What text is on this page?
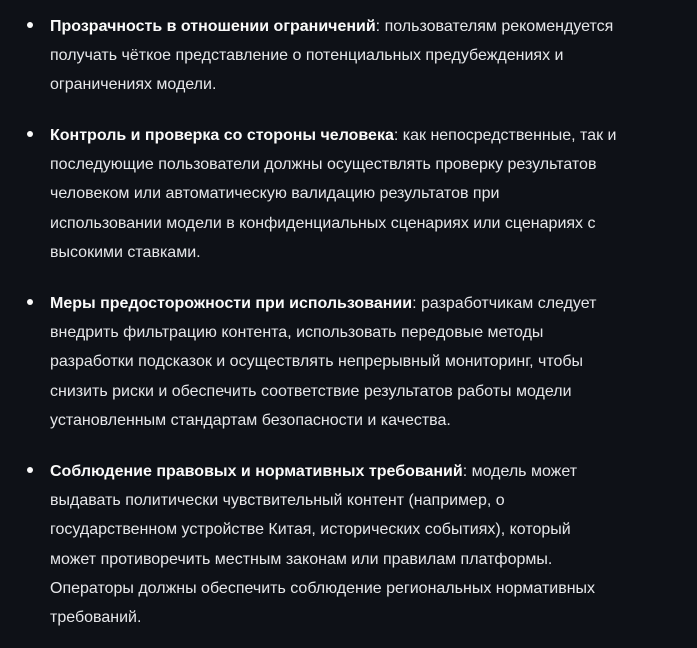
Прозрачность в отношении ограничений: пользователям рекомендуется
получать чёткое представление о потенциальных предубеждениях и
ограничениях модели.
Контроль и проверка со стороны человека: как непосредственные, так и
последующие пользователи должны осуществлять проверку результатов
человеком или автоматическую валидацию результатов при
использовании модели в конфиденциальных сценариях или сценариях с
высокими ставками.
Меры предосторожности при использовании: разработчикам следует
внедрить фильтрацию контента, использовать передовые методы
разработки подсказок и осуществлять непрерывный мониторинг, чтобы
снизить риски и обеспечить соответствие результатов работы модели
установленным стандартам безопасности и качества.
Соблюдение правовых и нормативных требований: модель может
выдавать политически чувствительный контент (например, о
государственном устройстве Китая, исторических событиях), который
может противоречить местным законам или правилам платформы.
Операторы должны обеспечить соблюдение региональных нормативных
требований.
